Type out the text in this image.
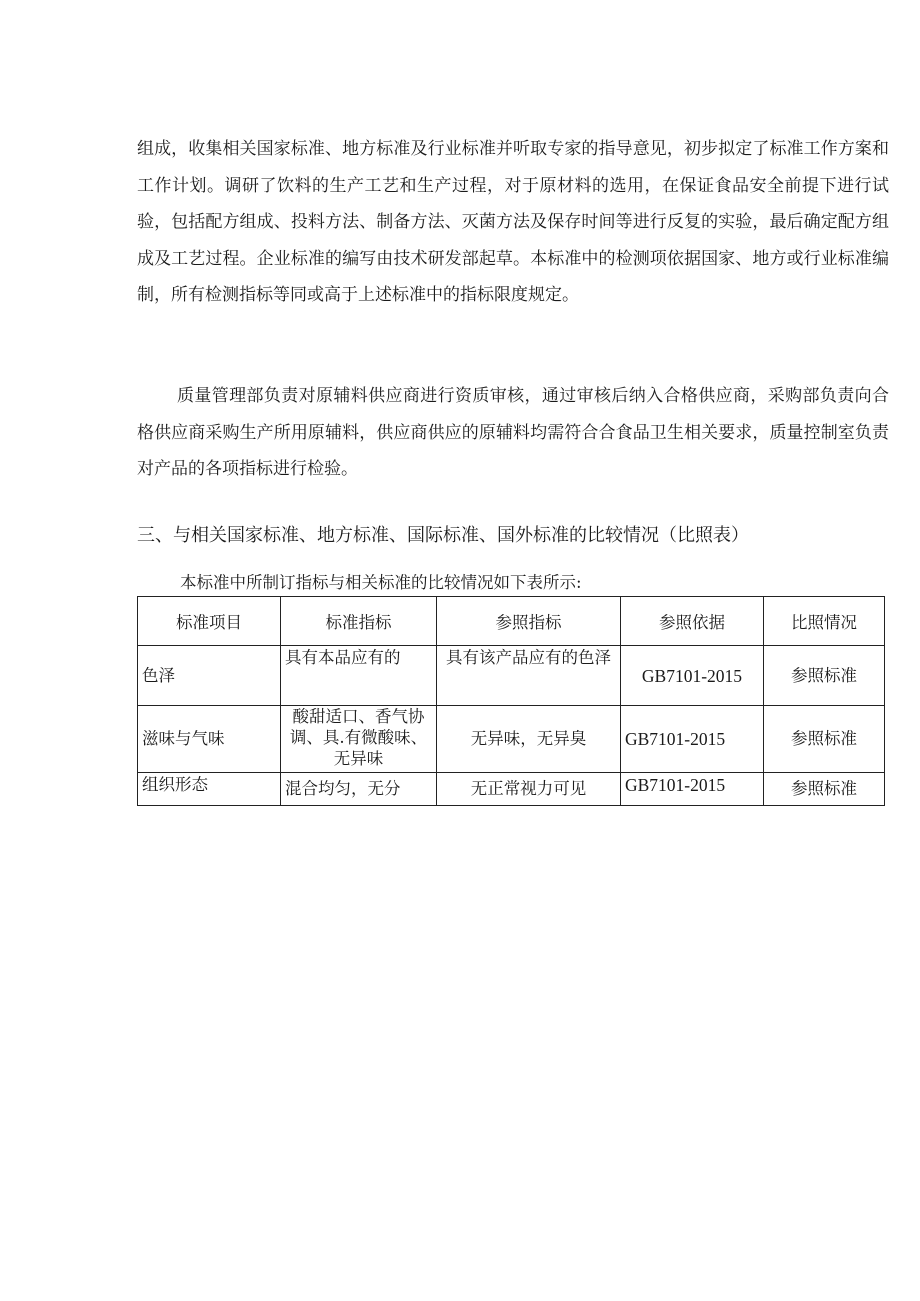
组成，收集相关国家标准、地方标准及行业标准并听取专家的指导意见，初步拟定了标准工作方案和工作计划。调研了饮料的生产工艺和生产过程，对于原材料的选用，在保证食品安全前提下进行试验，包括配方组成、投料方法、制备方法、灭菌方法及保存时间等进行反复的实验，最后确定配方组成及工艺过程。企业标准的编写由技术研发部起草。本标准中的检测项依据国家、地方或行业标准编制，所有检测指标等同或高于上述标准中的指标限度规定。

质量管理部负责对原辅料供应商进行资质审核，通过审核后纳入合格供应商，采购部负责向合格供应商采购生产所用原辅料，供应商供应的原辅料均需符合合食品卫生相关要求，质量控制室负责对产品的各项指标进行检验。

三、与相关国家标准、地方标准、国际标准、国外标准的比较情况（比照表）

本标准中所制订指标与相关标准的比较情况如下表所示:

标准项目	标准指标	参照指标	参照依据	比照情况

色泽	具有本品应有的	具有该产品应有的色泽	GB7101-2015	参照标准

滋味与气味	酸甜适口、香气协调、具.有微酸味、无异味	无异味，无异臭	GB7101-2015	参照标准

组织形态	混合均匀，无分	无正常视力可见	GB7101-2015	参照标准
